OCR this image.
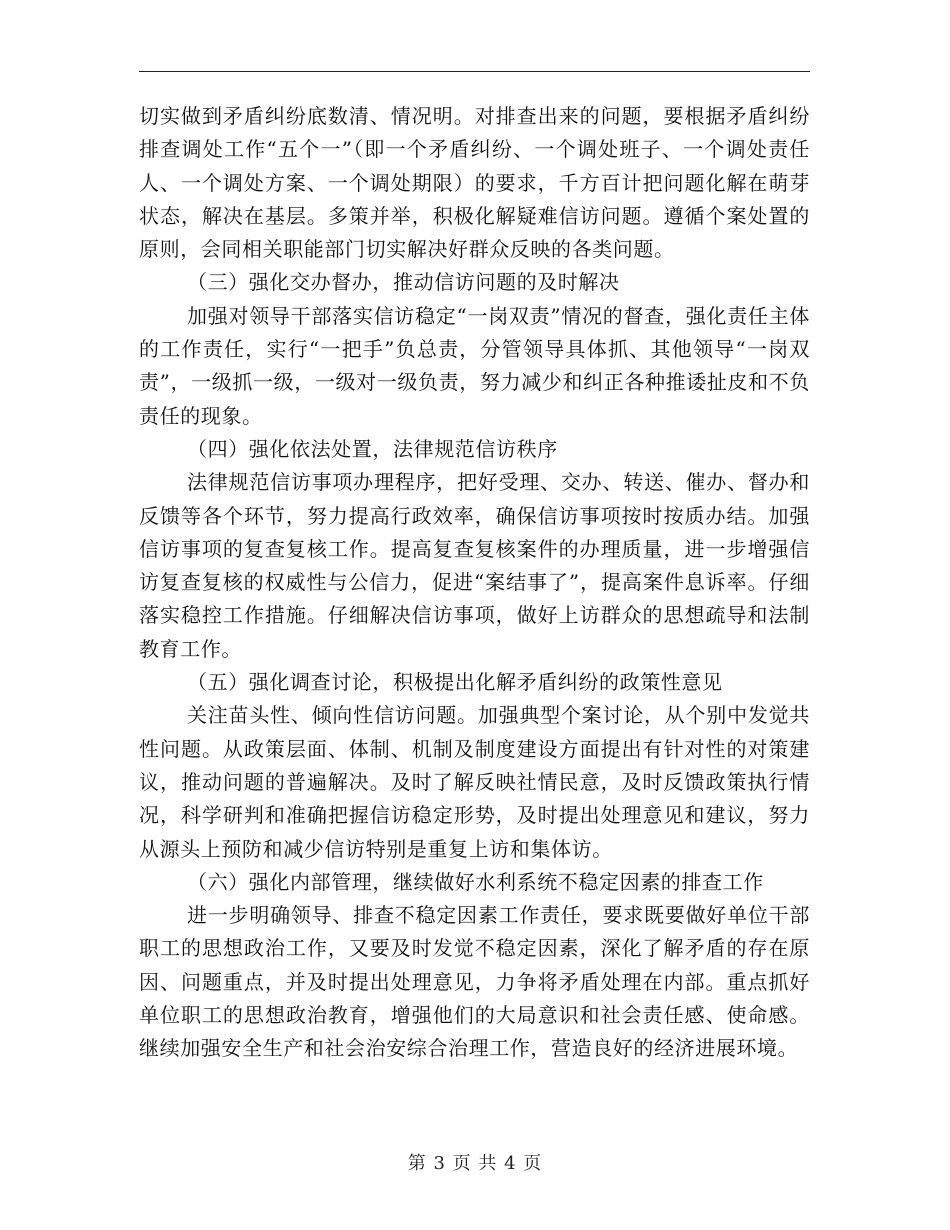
切实做到矛盾纠纷底数清、情况明。对排查出来的问题，要根据矛盾纠纷排查调处工作“五个一”（即一个矛盾纠纷、一个调处班子、一个调处责任人、一个调处方案、一个调处期限）的要求，千方百计把问题化解在萌芽状态，解决在基层。多策并举，积极化解疑难信访问题。遵循个案处置的原则，会同相关职能部门切实解决好群众反映的各类问题。

（三）强化交办督办，推动信访问题的及时解决

加强对领导干部落实信访稳定“一岗双责”情况的督查，强化责任主体的工作责任，实行“一把手”负总责，分管领导具体抓、其他领导“一岗双责”，一级抓一级，一级对一级负责，努力减少和纠正各种推诿扯皮和不负责任的现象。

（四）强化依法处置，法律规范信访秩序

法律规范信访事项办理程序，把好受理、交办、转送、催办、督办和反馈等各个环节，努力提高行政效率，确保信访事项按时按质办结。加强信访事项的复查复核工作。提高复查复核案件的办理质量，进一步增强信访复查复核的权威性与公信力，促进“案结事了”，提高案件息诉率。仔细落实稳控工作措施。仔细解决信访事项，做好上访群众的思想疏导和法制教育工作。

（五）强化调查讨论，积极提出化解矛盾纠纷的政策性意见

关注苗头性、倾向性信访问题。加强典型个案讨论，从个别中发觉共性问题。从政策层面、体制、机制及制度建设方面提出有针对性的对策建议，推动问题的普遍解决。及时了解反映社情民意，及时反馈政策执行情况，科学研判和准确把握信访稳定形势，及时提出处理意见和建议，努力从源头上预防和减少信访特别是重复上访和集体访。

（六）强化内部管理，继续做好水利系统不稳定因素的排查工作

进一步明确领导、排查不稳定因素工作责任，要求既要做好单位干部职工的思想政治工作，又要及时发觉不稳定因素，深化了解矛盾的存在原因、问题重点，并及时提出处理意见，力争将矛盾处理在内部。重点抓好单位职工的思想政治教育，增强他们的大局意识和社会责任感、使命感。继续加强安全生产和社会治安综合治理工作，营造良好的经济进展环境。

第 3 页 共 4 页
